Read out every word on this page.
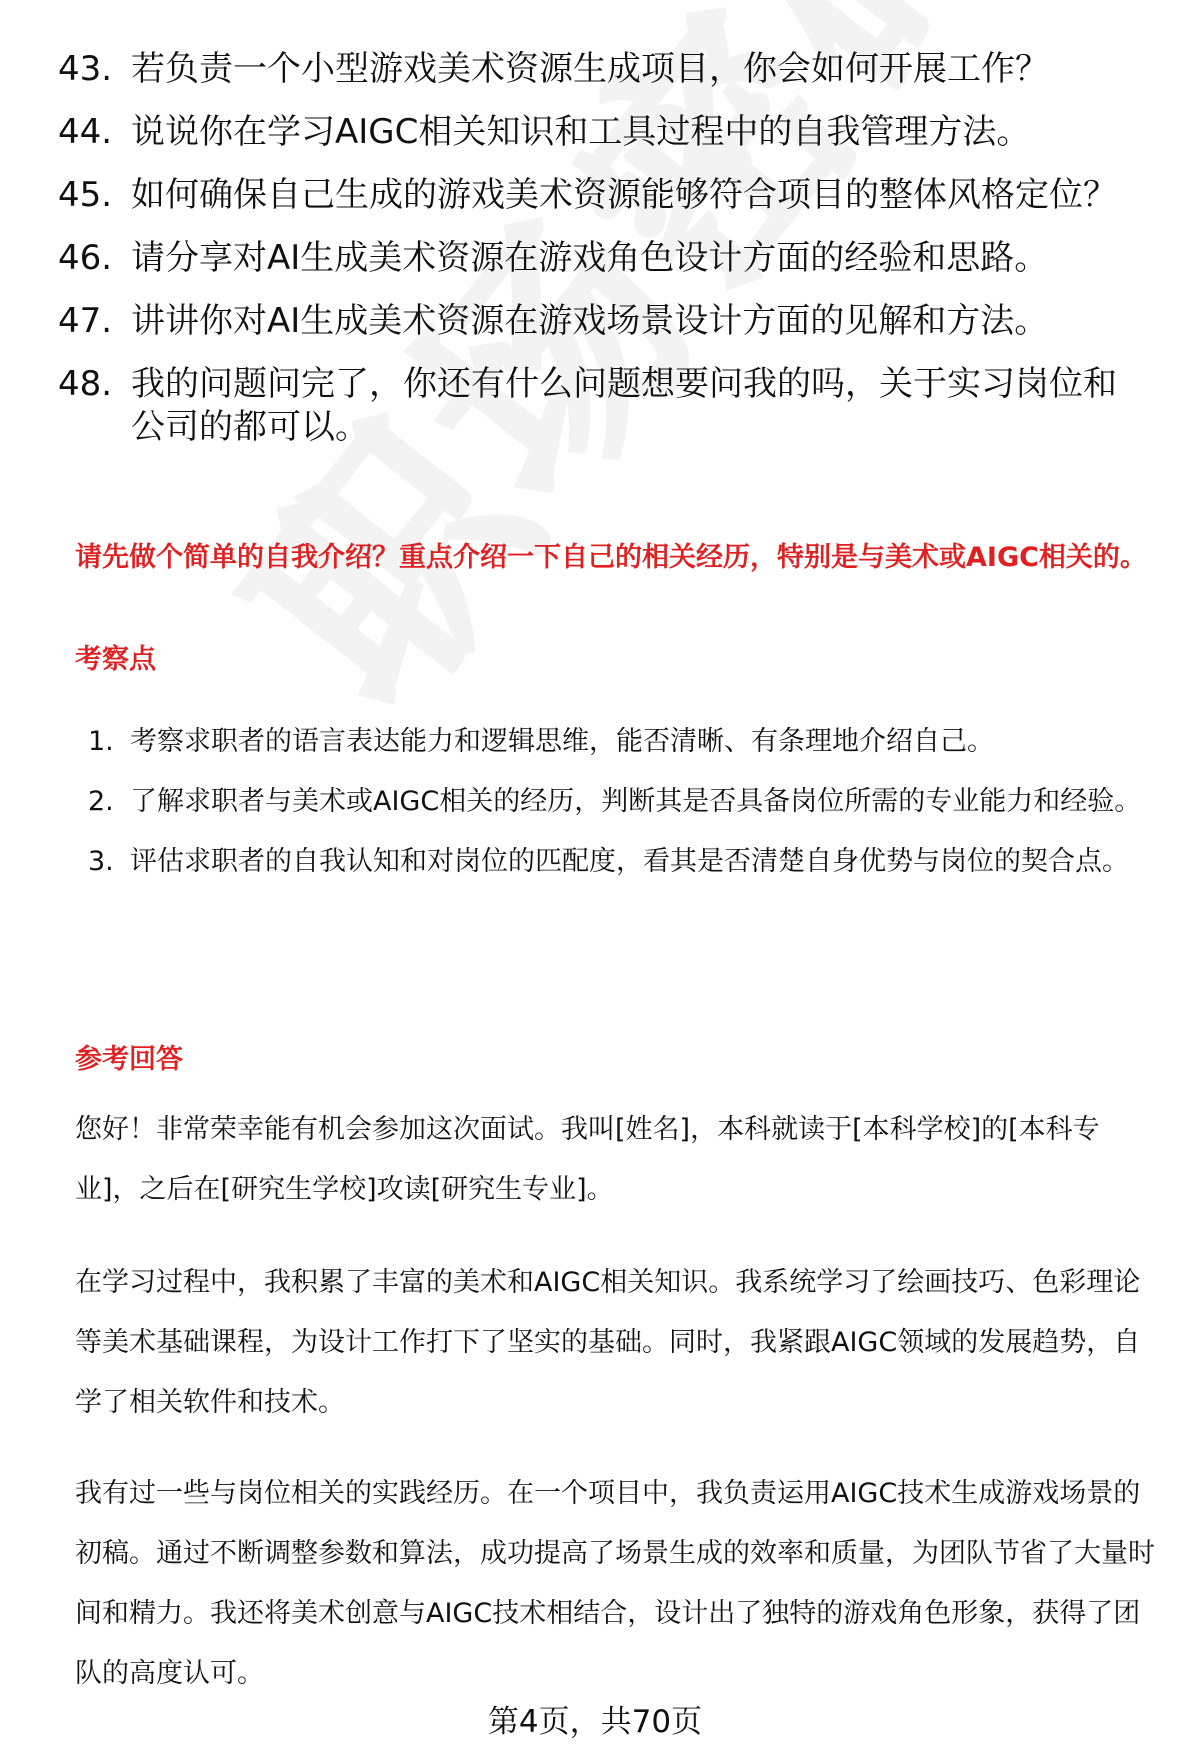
43. 若负责一个小型游戏美术资源生成项目，你会如何开展工作？
44. 说说你在学习AIGC相关知识和工具过程中的自我管理方法。
45. 如何确保自己生成的游戏美术资源能够符合项目的整体风格定位？
46. 请分享对AI生成美术资源在游戏角色设计方面的经验和思路。
47. 讲讲你对AI生成美术资源在游戏场景设计方面的见解和方法。
48. 我的问题问完了，你还有什么问题想要问我的吗，关于实习岗位和公司的都可以。
请先做个简单的自我介绍？重点介绍一下自己的相关经历，特别是与美术或AIGC相关的。
考察点
1. 考察求职者的语言表达能力和逻辑思维，能否清晰、有条理地介绍自己。
2. 了解求职者与美术或AIGC相关的经历，判断其是否具备岗位所需的专业能力和经验。
3. 评估求职者的自我认知和对岗位的匹配度，看其是否清楚自身优势与岗位的契合点。
参考回答

您好！非常荣幸能有机会参加这次面试。我叫[姓名]，本科就读于[本科学校]的[本科专业]，之后在[研究生学校]攻读[研究生专业]。

在学习过程中，我积累了丰富的美术和AIGC相关知识。我系统学习了绘画技巧、色彩理论等美术基础课程，为设计工作打下了坚实的基础。同时，我紧跟AIGC领域的发展趋势，自学了相关软件和技术。

我有过一些与岗位相关的实践经历。在一个项目中，我负责运用AIGC技术生成游戏场景的初稿。通过不断调整参数和算法，成功提高了场景生成的效率和质量，为团队节省了大量时间和精力。我还将美术创意与AIGC技术相结合，设计出了独特的游戏角色形象，获得了团队的高度认可。

第4页，共70页
